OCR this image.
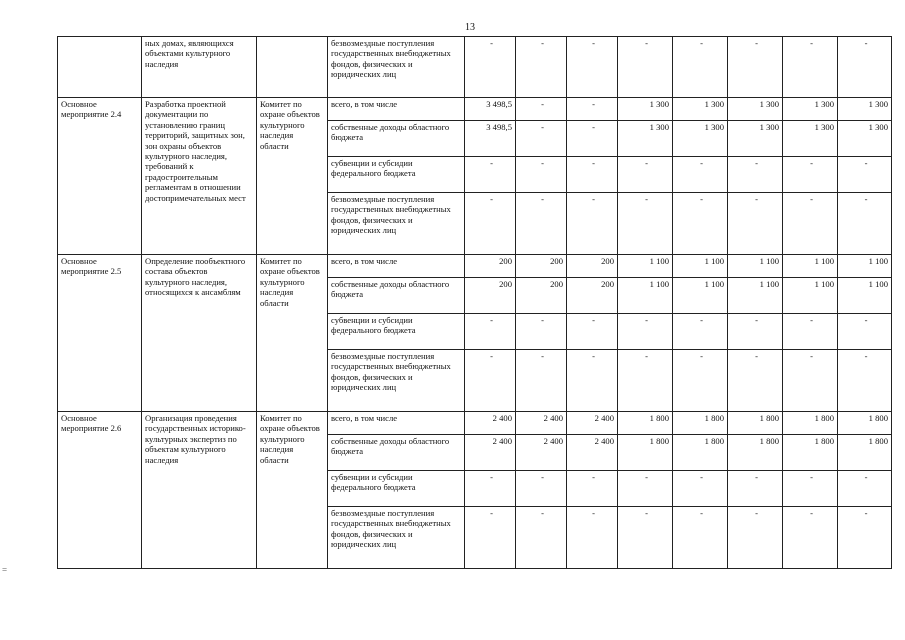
13
=
	ных домах, являющихся объектами культурного наследия		безвозмездные поступления государственных внебюджетных фондов, физических и юридических лиц	-	-	-	-	-	-	-	-
Основное мероприятие 2.4	Разработка проектной документации по установлению границ территорий, защитных зон, зон охраны объектов культурного наследия, требований к градостроительным регламентам в отношении достопримечательных мест	Комитет по охране объектов культурного наследия области	всего, в том числе	3 498,5	-	-	1 300	1 300	1 300	1 300	1 300
			собственные доходы областного бюджета	3 498,5	-	-	1 300	1 300	1 300	1 300	1 300
			субвенции и субсидии федерального бюджета	-	-	-	-	-	-	-	-
			безвозмездные поступления государственных внебюджетных фондов, физических и юридических лиц	-	-	-	-	-	-	-	-
Основное мероприятие 2.5	Определение пообъектного состава объектов культурного наследия, относящихся к ансамблям	Комитет по охране объектов культурного наследия области	всего, в том числе	200	200	200	1 100	1 100	1 100	1 100	1 100
			собственные доходы областного бюджета	200	200	200	1 100	1 100	1 100	1 100	1 100
			субвенции и субсидии федерального бюджета	-	-	-	-	-	-	-	-
			безвозмездные поступления государственных внебюджетных фондов, физических и юридических лиц	-	-	-	-	-	-	-	-
Основное мероприятие 2.6	Организация проведения государственных историко-культурных экспертиз по объектам культурного наследия	Комитет по охране объектов культурного наследия области	всего, в том числе	2 400	2 400	2 400	1 800	1 800	1 800	1 800	1 800
			собственные доходы областного бюджета	2 400	2 400	2 400	1 800	1 800	1 800	1 800	1 800
			субвенции и субсидии федерального бюджета	-	-	-	-	-	-	-	-
			безвозмездные поступления государственных внебюджетных фондов, физических и юридических лиц	-	-	-	-	-	-	-	-
